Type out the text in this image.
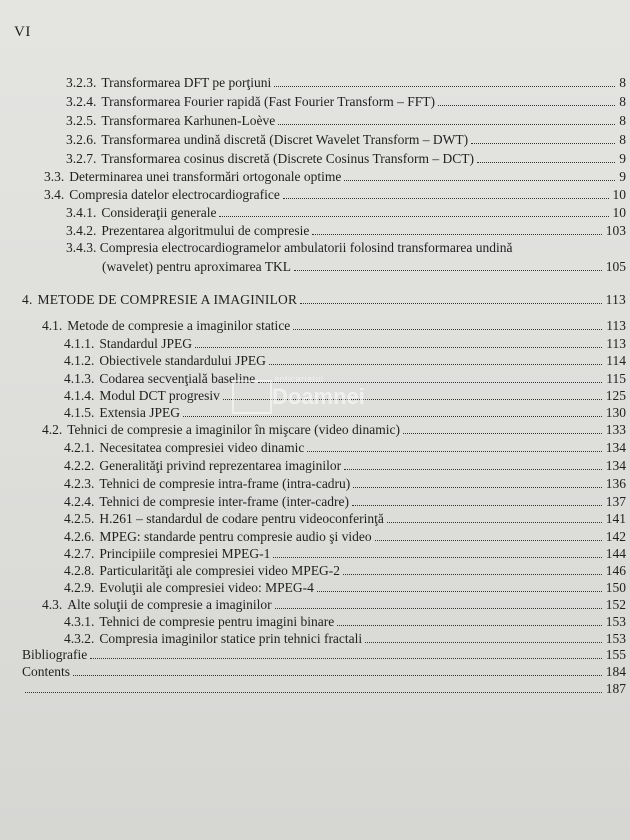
VI
3.2.3. Transformarea DFT pe porţiuni	8
3.2.4. Transformarea Fourier rapidă (Fast Fourier Transform – FFT)	8
3.2.5. Transformarea Karhunen-Loève	8
3.2.6. Transformarea undină discretă (Discret Wavelet Transform – DWT)	8
3.2.7. Transformarea cosinus discretă (Discrete Cosinus Transform – DCT)	9
3.3. Determinarea unei transformări ortogonale optime	9
3.4. Compresia datelor electrocardiografice	10
3.4.1. Consideraţii generale	10
3.4.2. Prezentarea algoritmului de compresie	103
3.4.3. Compresia electrocardiogramelor ambulatorii folosind transformarea undină
(wavelet) pentru aproximarea TKL	105
4. METODE DE COMPRESIE A IMAGINILOR	113
4.1. Metode de compresie a imaginilor statice	113
4.1.1. Standardul JPEG	113
4.1.2. Obiectivele standardului JPEG	114
4.1.3. Codarea secvenţială baseline	115
4.1.4. Modul DCT progresiv	125
4.1.5. Extensia JPEG	130
4.2. Tehnici de compresie a imaginilor în mişcare (video dinamic)	133
4.2.1. Necesitatea compresiei video dinamic	134
4.2.2. Generalităţi privind reprezentarea imaginilor	134
4.2.3. Tehnici de compresie intra-frame (intra-cadru)	136
4.2.4. Tehnici de compresie inter-frame (inter-cadre)	137
4.2.5. H.261 – standardul de codare pentru videoconferinţă	141
4.2.6. MPEG: standarde pentru compresie audio şi video	142
4.2.7. Principiile compresiei MPEG-1	144
4.2.8. Particularităţi ale compresiei video MPEG-2	146
4.2.9. Evoluţii ale compresiei video: MPEG-4	150
4.3. Alte soluţii de compresie a imaginilor	152
4.3.1. Tehnici de compresie pentru imagini binare	153
4.3.2. Compresia imaginilor statice prin tehnici fractali	153
Bibliografie	155
Contents	184
187
anticariatul
Doamnei
